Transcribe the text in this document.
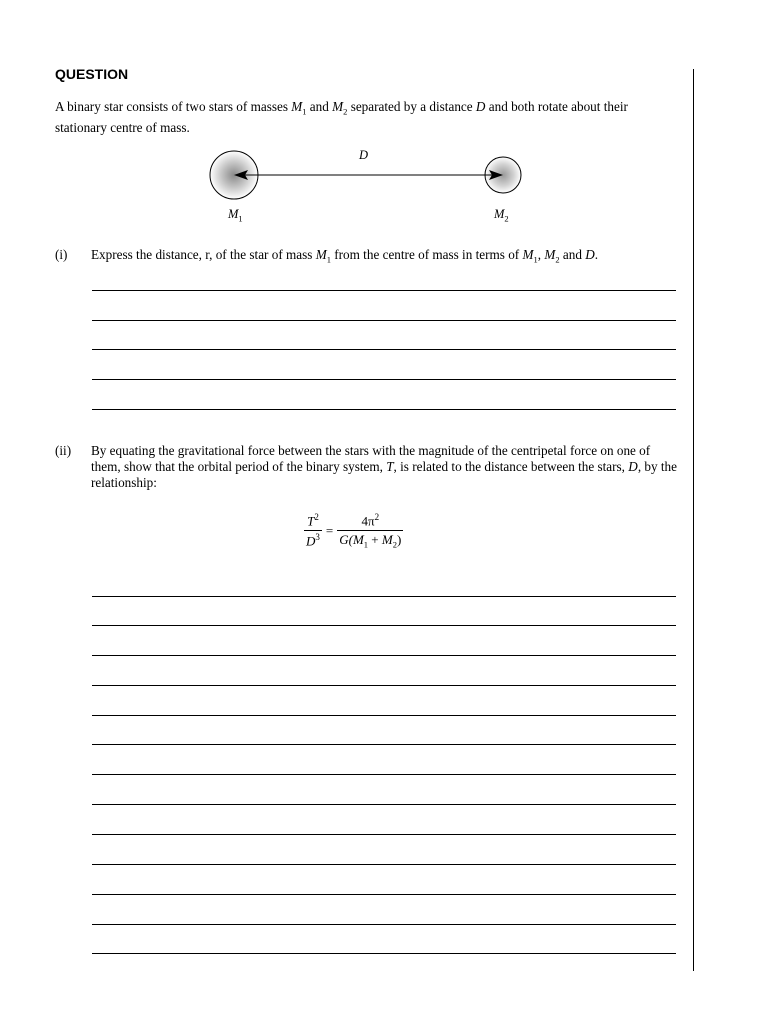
QUESTION
A binary star consists of two stars of masses $M_1$ and $M_2$ separated by a distance D and both rotate about their stationary centre of mass.
D
$M_1$	$M_2$
(i) Express the distance, r, of the star of mass $M_1$ from the centre of mass in terms of $M_1$, $M_2$ and D.
(ii) By equating the gravitational force between the stars with the magnitude of the centripetal force on one of them, show that the orbital period of the binary system, T, is related to the distance between the stars, D, by the relationship:
$\frac{T^2}{D^3} = \frac{4\pi^2}{G(M_1 + M_2)}$
